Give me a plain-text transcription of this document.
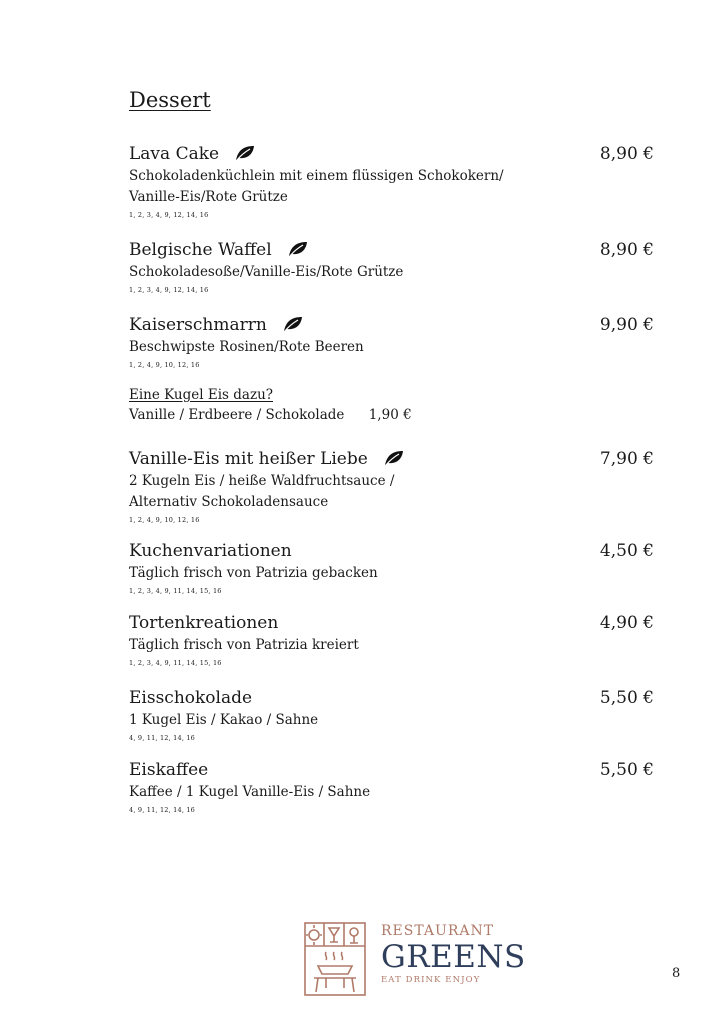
Dessert
Lava Cake	8,90 €
Schokoladenküchlein mit einem flüssigen Schokokern/
Vanille-Eis/Rote Grütze
1, 2, 3, 4, 9, 12, 14, 16
Belgische Waffel	8,90 €
Schokoladesoße/Vanille-Eis/Rote Grütze
1, 2, 3, 4, 9, 12, 14, 16
Kaiserschmarrn	9,90 €
Beschwipste Rosinen/Rote Beeren
1, 2, 4, 9, 10, 12, 16
Eine Kugel Eis dazu?
Vanille / Erdbeere / Schokolade 1,90 €
Vanille-Eis mit heißer Liebe	7,90 €
2 Kugeln Eis / heiße Waldfruchtsauce /
Alternativ Schokoladensauce
1, 2, 4, 9, 10, 12, 16
Kuchenvariationen	4,50 €
Täglich frisch von Patrizia gebacken
1, 2, 3, 4, 9, 11, 14, 15, 16
Tortenkreationen	4,90 €
Täglich frisch von Patrizia kreiert
1, 2, 3, 4, 9, 11, 14, 15, 16
Eisschokolade	5,50 €
1 Kugel Eis / Kakao / Sahne
4, 9, 11, 12, 14, 16
Eiskaffee	5,50 €
Kaffee / 1 Kugel Vanille-Eis / Sahne
4, 9, 11, 12, 14, 16
RESTAURANT
GREENS
EAT DRINK ENJOY	8
